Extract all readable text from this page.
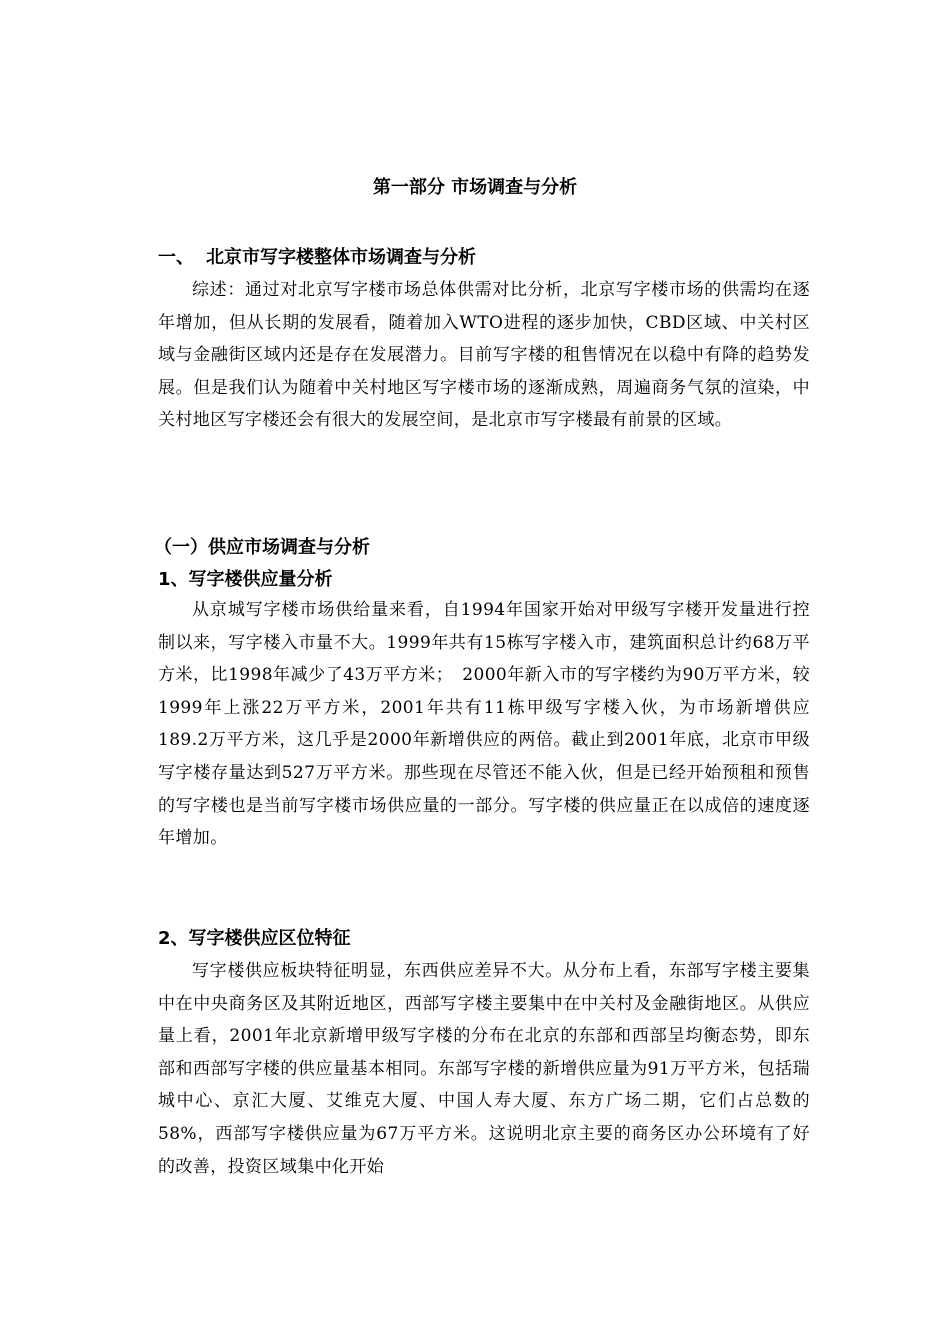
第一部分 市场调查与分析

一、 北京市写字楼整体市场调查与分析

综述：通过对北京写字楼市场总体供需对比分析，北京写字楼市场的供需均在逐年增加，但从长期的发展看，随着加入WTO进程的逐步加快，CBD区域、中关村区域与金融街区域内还是存在发展潜力。目前写字楼的租售情况在以稳中有降的趋势发展。但是我们认为随着中关村地区写字楼市场的逐渐成熟，周遍商务气氛的渲染，中关村地区写字楼还会有很大的发展空间，是北京市写字楼最有前景的区域。

（一）供应市场调查与分析

1、写字楼供应量分析

从京城写字楼市场供给量来看，自1994年国家开始对甲级写字楼开发量进行控制以来，写字楼入市量不大。1999年共有15栋写字楼入市，建筑面积总计约68万平方米，比1998年减少了43万平方米；　2000年新入市的写字楼约为90万平方米，较1999年上涨22万平方米，2001年共有11栋甲级写字楼入伙，为市场新增供应189.2万平方米，这几乎是2000年新增供应的两倍。截止到2001年底，北京市甲级写字楼存量达到527万平方米。那些现在尽管还不能入伙，但是已经开始预租和预售的写字楼也是当前写字楼市场供应量的一部分。写字楼的供应量正在以成倍的速度逐年增加。

2、写字楼供应区位特征

写字楼供应板块特征明显，东西供应差异不大。从分布上看，东部写字楼主要集中在中央商务区及其附近地区，西部写字楼主要集中在中关村及金融街地区。从供应量上看，2001年北京新增甲级写字楼的分布在北京的东部和西部呈均衡态势，即东部和西部写字楼的供应量基本相同。东部写字楼的新增供应量为91万平方米，包括瑞城中心、京汇大厦、艾维克大厦、中国人寿大厦、东方广场二期，它们占总数的58%，西部写字楼供应量为67万平方米。这说明北京主要的商务区办公环境有了好的改善，投资区域集中化开始
